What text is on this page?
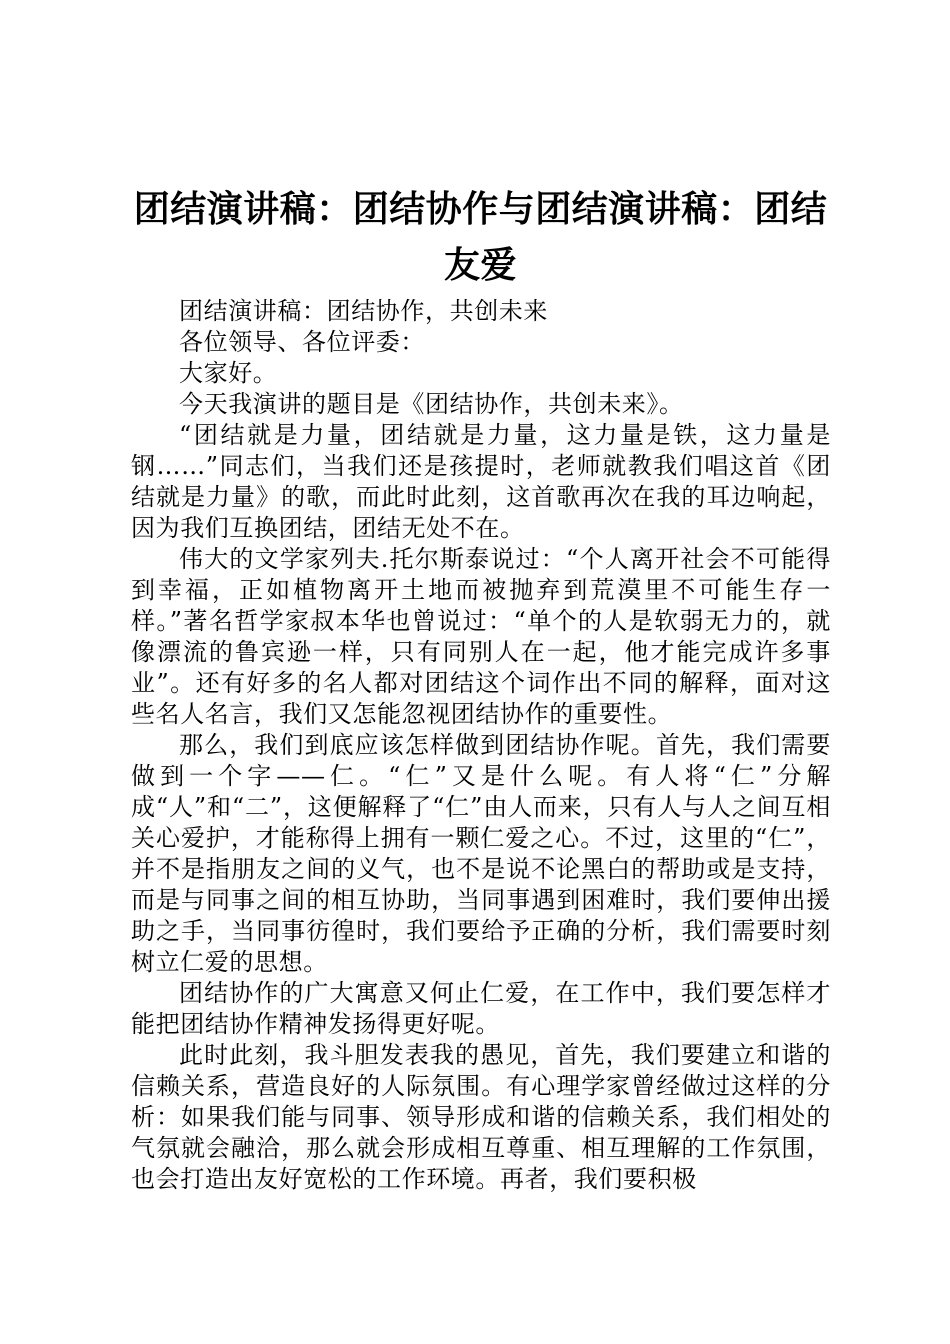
团结演讲稿：团结协作与团结演讲稿：团结友爱

团结演讲稿：团结协作，共创未来

各位领导、各位评委：

大家好。

今天我演讲的题目是《团结协作，共创未来》。

“团结就是力量，团结就是力量，这力量是铁，这力量是钢……”同志们，当我们还是孩提时，老师就教我们唱这首《团结就是力量》的歌，而此时此刻，这首歌再次在我的耳边响起，因为我们互换团结，团结无处不在。

伟大的文学家列夫.托尔斯泰说过：“个人离开社会不可能得到幸福，正如植物离开土地而被抛弃到荒漠里不可能生存一样。”著名哲学家叔本华也曾说过：“单个的人是软弱无力的，就像漂流的鲁宾逊一样，只有同别人在一起，他才能完成许多事业”。还有好多的名人都对团结这个词作出不同的解释，面对这些名人名言，我们又怎能忽视团结协作的重要性。

那么，我们到底应该怎样做到团结协作呢。首先，我们需要做到一个字——仁。“仁”又是什么呢。有人将“仁”分解成“人”和“二”，这便解释了“仁”由人而来，只有人与人之间互相关心爱护，才能称得上拥有一颗仁爱之心。不过，这里的“仁”，并不是指朋友之间的义气，也不是说不论黑白的帮助或是支持，而是与同事之间的相互协助，当同事遇到困难时，我们要伸出援助之手，当同事彷徨时，我们要给予正确的分析，我们需要时刻树立仁爱的思想。

团结协作的广大寓意又何止仁爱，在工作中，我们要怎样才能把团结协作精神发扬得更好呢。

此时此刻，我斗胆发表我的愚见，首先，我们要建立和谐的信赖关系，营造良好的人际氛围。有心理学家曾经做过这样的分析：如果我们能与同事、领导形成和谐的信赖关系，我们相处的气氛就会融洽，那么就会形成相互尊重、相互理解的工作氛围，也会打造出友好宽松的工作环境。再者，我们要积极
